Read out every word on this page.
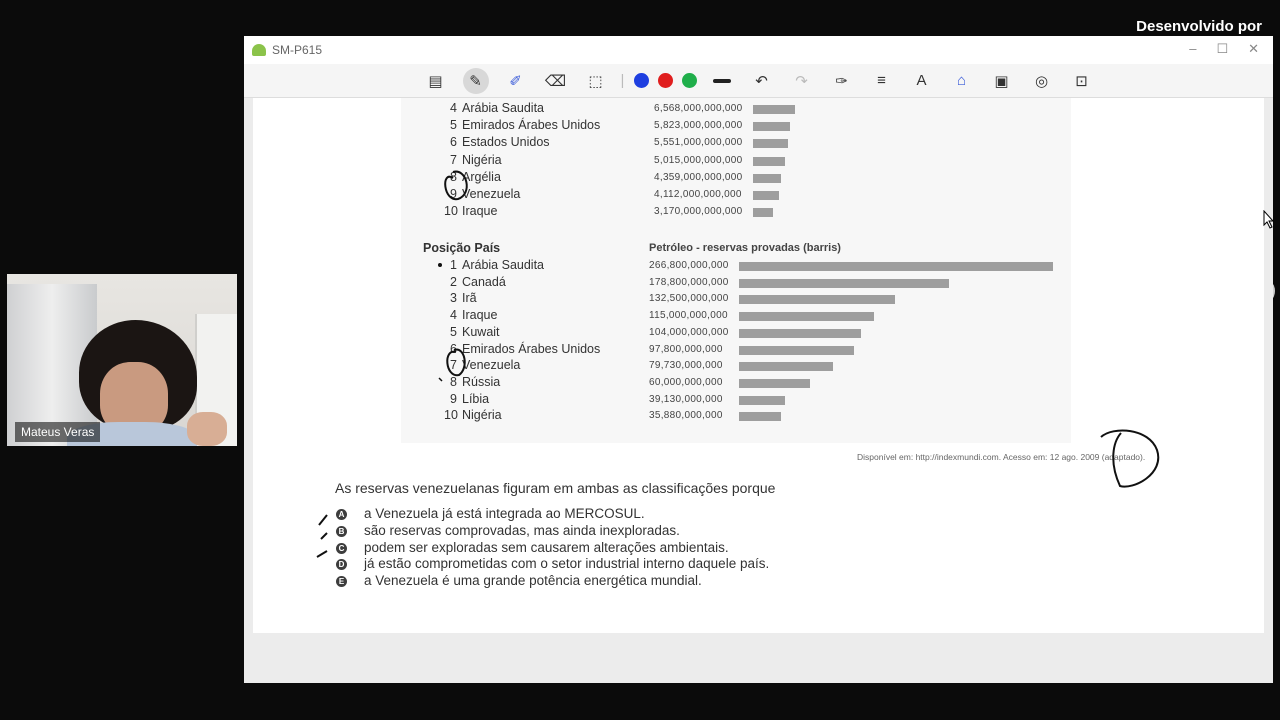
Desenvolvido por
Mateus Veras
SM-P615	– ☐ ✕
▤	✎	✐	⌫	⬚	|	↶	↷	✑	≡	A	⌂	▣	◎	⊡
4 Arábia Saudita	6,568,000,000,000
5 Emirados Árabes Unidos	5,823,000,000,000
6 Estados Unidos	5,551,000,000,000
7 Nigéria	5,015,000,000,000
8 Argélia	4,359,000,000,000
9 Venezuela	4,112,000,000,000
10 Iraque	3,170,000,000,000
Posição País	Petróleo - reservas provadas (barris)
1 Arábia Saudita	266,800,000,000
2 Canadá	178,800,000,000
3 Irã	132,500,000,000
4 Iraque	115,000,000,000
5 Kuwait	104,000,000,000
6 Emirados Árabes Unidos	97,800,000,000
7 Venezuela	79,730,000,000
8 Rússia	60,000,000,000
9 Líbia	39,130,000,000
10 Nigéria	35,880,000,000
Disponível em: http://indexmundi.com. Acesso em: 12 ago. 2009 (adaptado).
As reservas venezuelanas figuram em ambas as classificações porque
A a Venezuela já está integrada ao MERCOSUL.
B são reservas comprovadas, mas ainda inexploradas.
C podem ser exploradas sem causarem alterações ambientais.
D já estão comprometidas com o setor industrial interno daquele país.
E a Venezuela é uma grande potência energética mundial.
